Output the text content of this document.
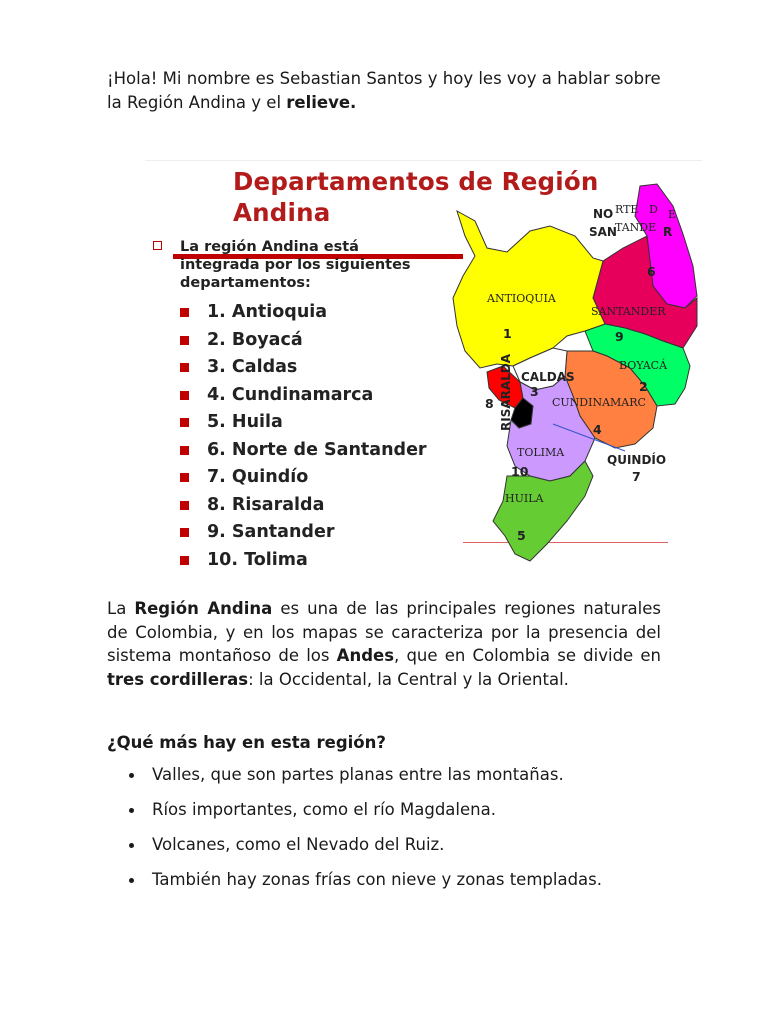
¡Hola! Mi nombre es Sebastian Santos y hoy les voy a hablar sobre la Región Andina y el relieve.
Departamentos de Región
Andina
La región Andina está integrada por los siguientes departamentos:
1. Antioquia
2. Boyacá
3. Caldas
4. Cundinamarca
5. Huila
6. Norte de Santander
7. Quindío
8. Risaralda
9. Santander
10. Tolima
NO RTE D E
SAN
TANDE R
6
ANTIOQUIA
1
SANTANDER
9
BOYACÁ
2
CALDAS
3
CUNDINAMARC
4
8 RISARALDA
TOLIMA
10
HUILA
5
QUINDÍO
7
La Región Andina es una de las principales regiones naturales de Colombia, y en los mapas se caracteriza por la presencia del sistema montañoso de los Andes, que en Colombia se divide en tres cordilleras: la Occidental, la Central y la Oriental.
¿Qué más hay en esta región?
Valles, que son partes planas entre las montañas.
Ríos importantes, como el río Magdalena.
Volcanes, como el Nevado del Ruiz.
También hay zonas frías con nieve y zonas templadas.
